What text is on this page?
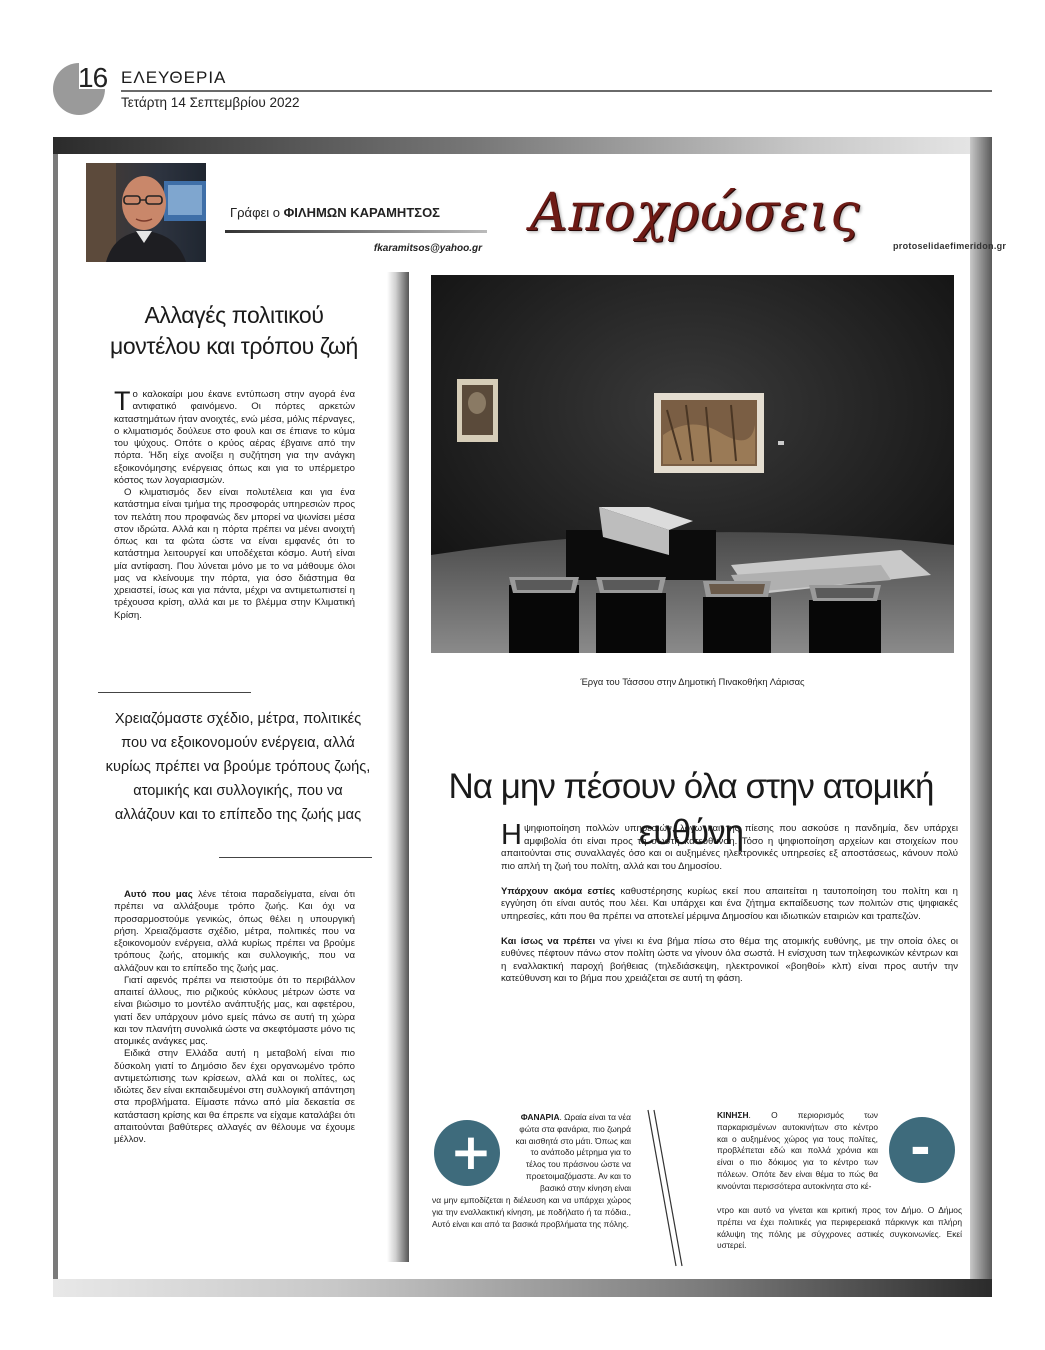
16 ΕΛΕΥΘΕΡΙΑ
Τετάρτη 14 Σεπτεμβρίου 2022
Γράφει ο ΦΙΛΗΜΩΝ ΚΑΡΑΜΗΤΣΟΣ
fkaramitsos@yahoo.gr
Αποχρώσεις
protoselidaefimeridon.gr
Αλλαγές πολιτικού
μοντέλου και τρόπου ζωή

Το καλοκαίρι μου έκανε εντύπωση στην αγορά ένα αντιφατικό φαινόμενο. Οι πόρτες αρκετών καταστημάτων ήταν ανοιχτές, ενώ μέσα, μόλις πέρναγες, ο κλιματισμός δούλευε στο φουλ και σε έπιανε το κύμα του ψύχους. Οπότε ο κρύος αέρας έβγαινε από την πόρτα. Ήδη είχε ανοίξει η συζήτηση για την ανάγκη εξοικονόμησης ενέργειας όπως και για το υπέρμετρο κόστος των λογαριασμών.

Ο κλιματισμός δεν είναι πολυτέλεια και για ένα κατάστημα είναι τμήμα της προσφοράς υπηρεσιών προς τον πελάτη που προφανώς δεν μπορεί να ψωνίσει μέσα στον ιδρώτα. Αλλά και η πόρτα πρέπει να μένει ανοιχτή όπως και τα φώτα ώστε να είναι εμφανές ότι το κατάστημα λειτουργεί και υποδέχεται κόσμο. Αυτή είναι μία αντίφαση. Που λύνεται μόνο με το να μάθουμε όλοι μας να κλείνουμε την πόρτα, για όσο διάστημα θα χρειαστεί, ίσως και για πάντα, μέχρι να αντιμετωπιστεί η τρέχουσα κρίση, αλλά και με το βλέμμα στην Κλιματική Κρίση.

Χρειαζόμαστε σχέδιο, μέτρα, πολιτικές που να εξοικονομούν ενέργεια, αλλά κυρίως πρέπει να βρούμε τρόπους ζωής, ατομικής και συλλογικής, που να αλλάζουν και το επίπεδο της ζωής μας

Αυτό που μας λένε τέτοια παραδείγματα, είναι ότι πρέπει να αλλάξουμε τρόπο ζωής. Και όχι να προσαρμοστούμε γενικώς, όπως θέλει η υπουργική ρήση. Χρειαζόμαστε σχέδιο, μέτρα, πολιτικές που να εξοικονομούν ενέργεια, αλλά κυρίως πρέπει να βρούμε τρόπους ζωής, ατομικής και συλλογικής, που να αλλάζουν και το επίπεδο της ζωής μας.

Γιατί αφενός πρέπει να πειστούμε ότι το περιβάλλον απαιτεί άλλους, πιο ριζικούς κύκλους μέτρων ώστε να είναι βιώσιμο το μοντέλο ανάπτυξής μας, και αφετέρου, γιατί δεν υπάρχουν μόνο εμείς πάνω σε αυτή τη χώρα και τον πλανήτη συνολικά ώστε να σκεφτόμαστε μόνο τις ατομικές ανάγκες μας.

Ειδικά στην Ελλάδα αυτή η μεταβολή είναι πιο δύσκολη γιατί το Δημόσιο δεν έχει οργανωμένο τρόπο αντιμετώπισης των κρίσεων, αλλά και οι πολίτες, ως ιδιώτες δεν είναι εκπαιδευμένοι στη συλλογική απάντηση στα προβλήματα. Είμαστε πάνω από μία δεκαετία σε κατάσταση κρίσης και θα έπρεπε να είχαμε καταλάβει ότι απαιτούνται βαθύτερες αλλαγές αν θέλουμε να έχουμε μέλλον.

Έργα του Τάσσου στην Δημοτική Πινακοθήκη Λάρισας
Να μην πέσουν όλα στην ατομική ευθύνη

Η ψηφιοποίηση πολλών υπηρεσιών, λόγω και της πίεσης που ασκούσε η πανδημία, δεν υπάρχει αμφιβολία ότι είναι προς τη σωστή κατεύθυνση. Τόσο η ψηφιοποίηση αρχείων και στοιχείων που απαιτούνται στις συναλλαγές όσο και οι αυξημένες ηλεκτρονικές υπηρεσίες εξ αποστάσεως, κάνουν πολύ πιο απλή τη ζωή του πολίτη, αλλά και του Δημοσίου.

Υπάρχουν ακόμα εστίες καθυστέρησης κυρίως εκεί που απαιτείται η ταυτοποίηση του πολίτη και η εγγύηση ότι είναι αυτός που λέει. Και υπάρχει και ένα ζήτημα εκπαίδευσης των πολιτών στις ψηφιακές υπηρεσίες, κάτι που θα πρέπει να αποτελεί μέριμνα Δημοσίου και ιδιωτικών εταιριών και τραπεζών.

Και ίσως να πρέπει να γίνει κι ένα βήμα πίσω στο θέμα της ατομικής ευθύνης, με την οποία όλες οι ευθύνες πέφτουν πάνω στον πολίτη ώστε να γίνουν όλα σωστά. Η ενίσχυση των τηλεφωνικών κέντρων και η εναλλακτική παροχή βοήθειας (τηλεδιάσκεψη, ηλεκτρονικοί «βοηθοί» κλπ) είναι προς αυτήν την κατεύθυνση και το βήμα που χρειάζεται σε αυτή τη φάση.

+
ΦΑΝΑΡΙΑ. Ωραία είναι τα νέα φώτα στα φανάρια, πιο ζωηρά και αισθητά στο μάτι. Όπως και το ανάποδο μέτρημα για το τέλος του πράσινου ώστε να προετοιμαζόμαστε. Αν και το βασικό στην κίνηση είναι
να μην εμποδίζεται η διέλευση και να υπάρχει χώρος για την εναλλακτική κίνηση, με ποδήλατο ή τα πόδια., Αυτό είναι και από τα βασικά προβλήματα της πόλης.
ΚΙΝΗΣΗ. Ο περιορισμός των παρκαρισμένων αυτοκινήτων στο κέντρο και ο αυξημένος χώρος για τους πολίτες, προβλέπεται εδώ και πολλά χρόνια και είναι ο πιο δόκιμος για το κέντρο των πόλεων. Οπότε δεν είναι θέμα το πώς θα κινούνται περισσότερα αυτοκίνητα στο κέ-
ντρο και αυτό να γίνεται και κριτική προς τον Δήμο. Ο Δήμος πρέπει να έχει πολιτικές για περιφερειακά πάρκινγκ και πλήρη κάλυψη της πόλης με σύγχρονες αστικές συγκοινωνίες. Εκεί υστερεί.
-
